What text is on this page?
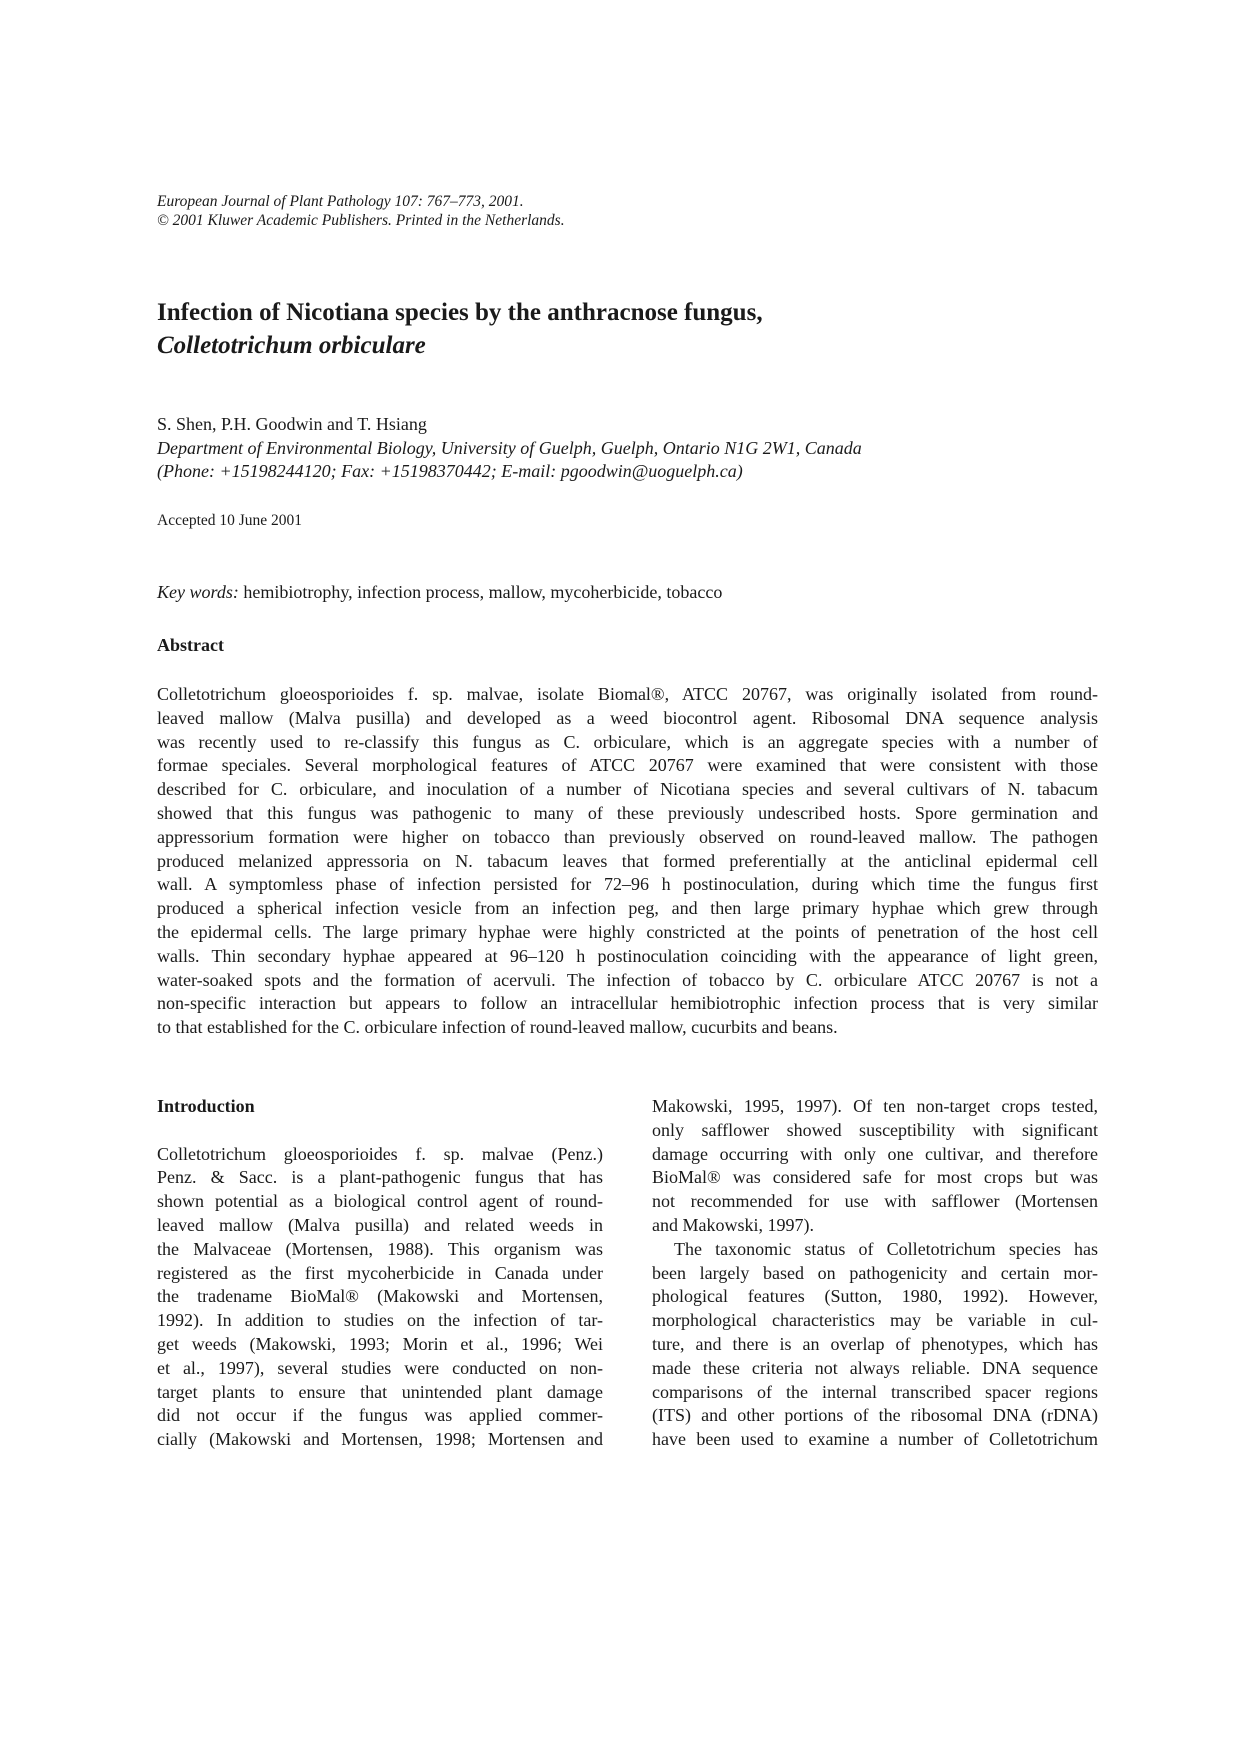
European Journal of Plant Pathology 107: 767–773, 2001.
© 2001 Kluwer Academic Publishers. Printed in the Netherlands.
Infection of Nicotiana species by the anthracnose fungus,
Colletotrichum orbiculare
S. Shen, P.H. Goodwin and T. Hsiang
Department of Environmental Biology, University of Guelph, Guelph, Ontario N1G 2W1, Canada
(Phone: +15198244120; Fax: +15198370442; E-mail: pgoodwin@uoguelph.ca)
Accepted 10 June 2001
Key words: hemibiotrophy, infection process, mallow, mycoherbicide, tobacco
Abstract
Colletotrichum gloeosporioides f. sp. malvae, isolate Biomal®, ATCC 20767, was originally isolated from round-
leaved mallow (Malva pusilla) and developed as a weed biocontrol agent. Ribosomal DNA sequence analysis
was recently used to re-classify this fungus as C. orbiculare, which is an aggregate species with a number of
formae speciales. Several morphological features of ATCC 20767 were examined that were consistent with those
described for C. orbiculare, and inoculation of a number of Nicotiana species and several cultivars of N. tabacum
showed that this fungus was pathogenic to many of these previously undescribed hosts. Spore germination and
appressorium formation were higher on tobacco than previously observed on round-leaved mallow. The pathogen
produced melanized appressoria on N. tabacum leaves that formed preferentially at the anticlinal epidermal cell
wall. A symptomless phase of infection persisted for 72–96 h postinoculation, during which time the fungus first
produced a spherical infection vesicle from an infection peg, and then large primary hyphae which grew through
the epidermal cells. The large primary hyphae were highly constricted at the points of penetration of the host cell
walls. Thin secondary hyphae appeared at 96–120 h postinoculation coinciding with the appearance of light green,
water-soaked spots and the formation of acervuli. The infection of tobacco by C. orbiculare ATCC 20767 is not a
non-specific interaction but appears to follow an intracellular hemibiotrophic infection process that is very similar
to that established for the C. orbiculare infection of round-leaved mallow, cucurbits and beans.
Introduction
Colletotrichum gloeosporioides f. sp. malvae (Penz.)
Penz. & Sacc. is a plant-pathogenic fungus that has
shown potential as a biological control agent of round-
leaved mallow (Malva pusilla) and related weeds in
the Malvaceae (Mortensen, 1988). This organism was
registered as the first mycoherbicide in Canada under
the tradename BioMal® (Makowski and Mortensen,
1992). In addition to studies on the infection of tar-
get weeds (Makowski, 1993; Morin et al., 1996; Wei
et al., 1997), several studies were conducted on non-
target plants to ensure that unintended plant damage
did not occur if the fungus was applied commer-
cially (Makowski and Mortensen, 1998; Mortensen and
Makowski, 1995, 1997). Of ten non-target crops tested,
only safflower showed susceptibility with significant
damage occurring with only one cultivar, and therefore
BioMal® was considered safe for most crops but was
not recommended for use with safflower (Mortensen
and Makowski, 1997).
The taxonomic status of Colletotrichum species has
been largely based on pathogenicity and certain mor-
phological features (Sutton, 1980, 1992). However,
morphological characteristics may be variable in cul-
ture, and there is an overlap of phenotypes, which has
made these criteria not always reliable. DNA sequence
comparisons of the internal transcribed spacer regions
(ITS) and other portions of the ribosomal DNA (rDNA)
have been used to examine a number of Colletotrichum
